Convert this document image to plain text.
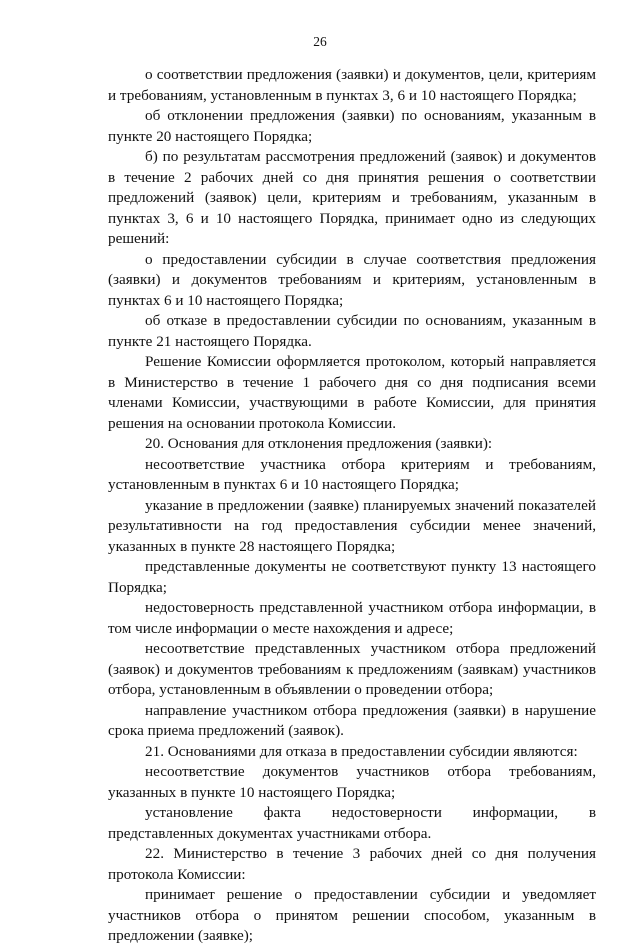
26

о соответствии предложения (заявки) и документов, цели, критериям и требованиям, установленным в пунктах 3, 6 и 10 настоящего Порядка;

об отклонении предложения (заявки) по основаниям, указанным в пункте 20 настоящего Порядка;

б) по результатам рассмотрения предложений (заявок) и документов в течение 2 рабочих дней со дня принятия решения о соответствии предложений (заявок) цели, критериям и требованиям, указанным в пунктах 3, 6 и 10 настоящего Порядка, принимает одно из следующих решений:

о предоставлении субсидии в случае соответствия предложения (заявки) и документов требованиям и критериям, установленным в пунктах 6 и 10 настоящего Порядка;

об отказе в предоставлении субсидии по основаниям, указанным в пункте 21 настоящего Порядка.

Решение Комиссии оформляется протоколом, который направляется в Министерство в течение 1 рабочего дня со дня подписания всеми членами Комиссии, участвующими в работе Комиссии, для принятия решения на основании протокола Комиссии.

20. Основания для отклонения предложения (заявки):

несоответствие участника отбора критериям и требованиям, установленным в пунктах 6 и 10 настоящего Порядка;

указание в предложении (заявке) планируемых значений показателей результативности на год предоставления субсидии менее значений, указанных в пункте 28 настоящего Порядка;

представленные документы не соответствуют пункту 13 настоящего Порядка;

недостоверность представленной участником отбора информации, в том числе информации о месте нахождения и адресе;

несоответствие представленных участником отбора предложений (заявок) и документов требованиям к предложениям (заявкам) участников отбора, установленным в объявлении о проведении отбора;

направление участником отбора предложения (заявки) в нарушение срока приема предложений (заявок).

21. Основаниями для отказа в предоставлении субсидии являются:

несоответствие документов участников отбора требованиям, указанных в пункте 10 настоящего Порядка;

установление факта недостоверности информации, в представленных документах участниками отбора.

22. Министерство в течение 3 рабочих дней со дня получения протокола Комиссии:

принимает решение о предоставлении субсидии и уведомляет участников отбора о принятом решении способом, указанным в предложении (заявке);
